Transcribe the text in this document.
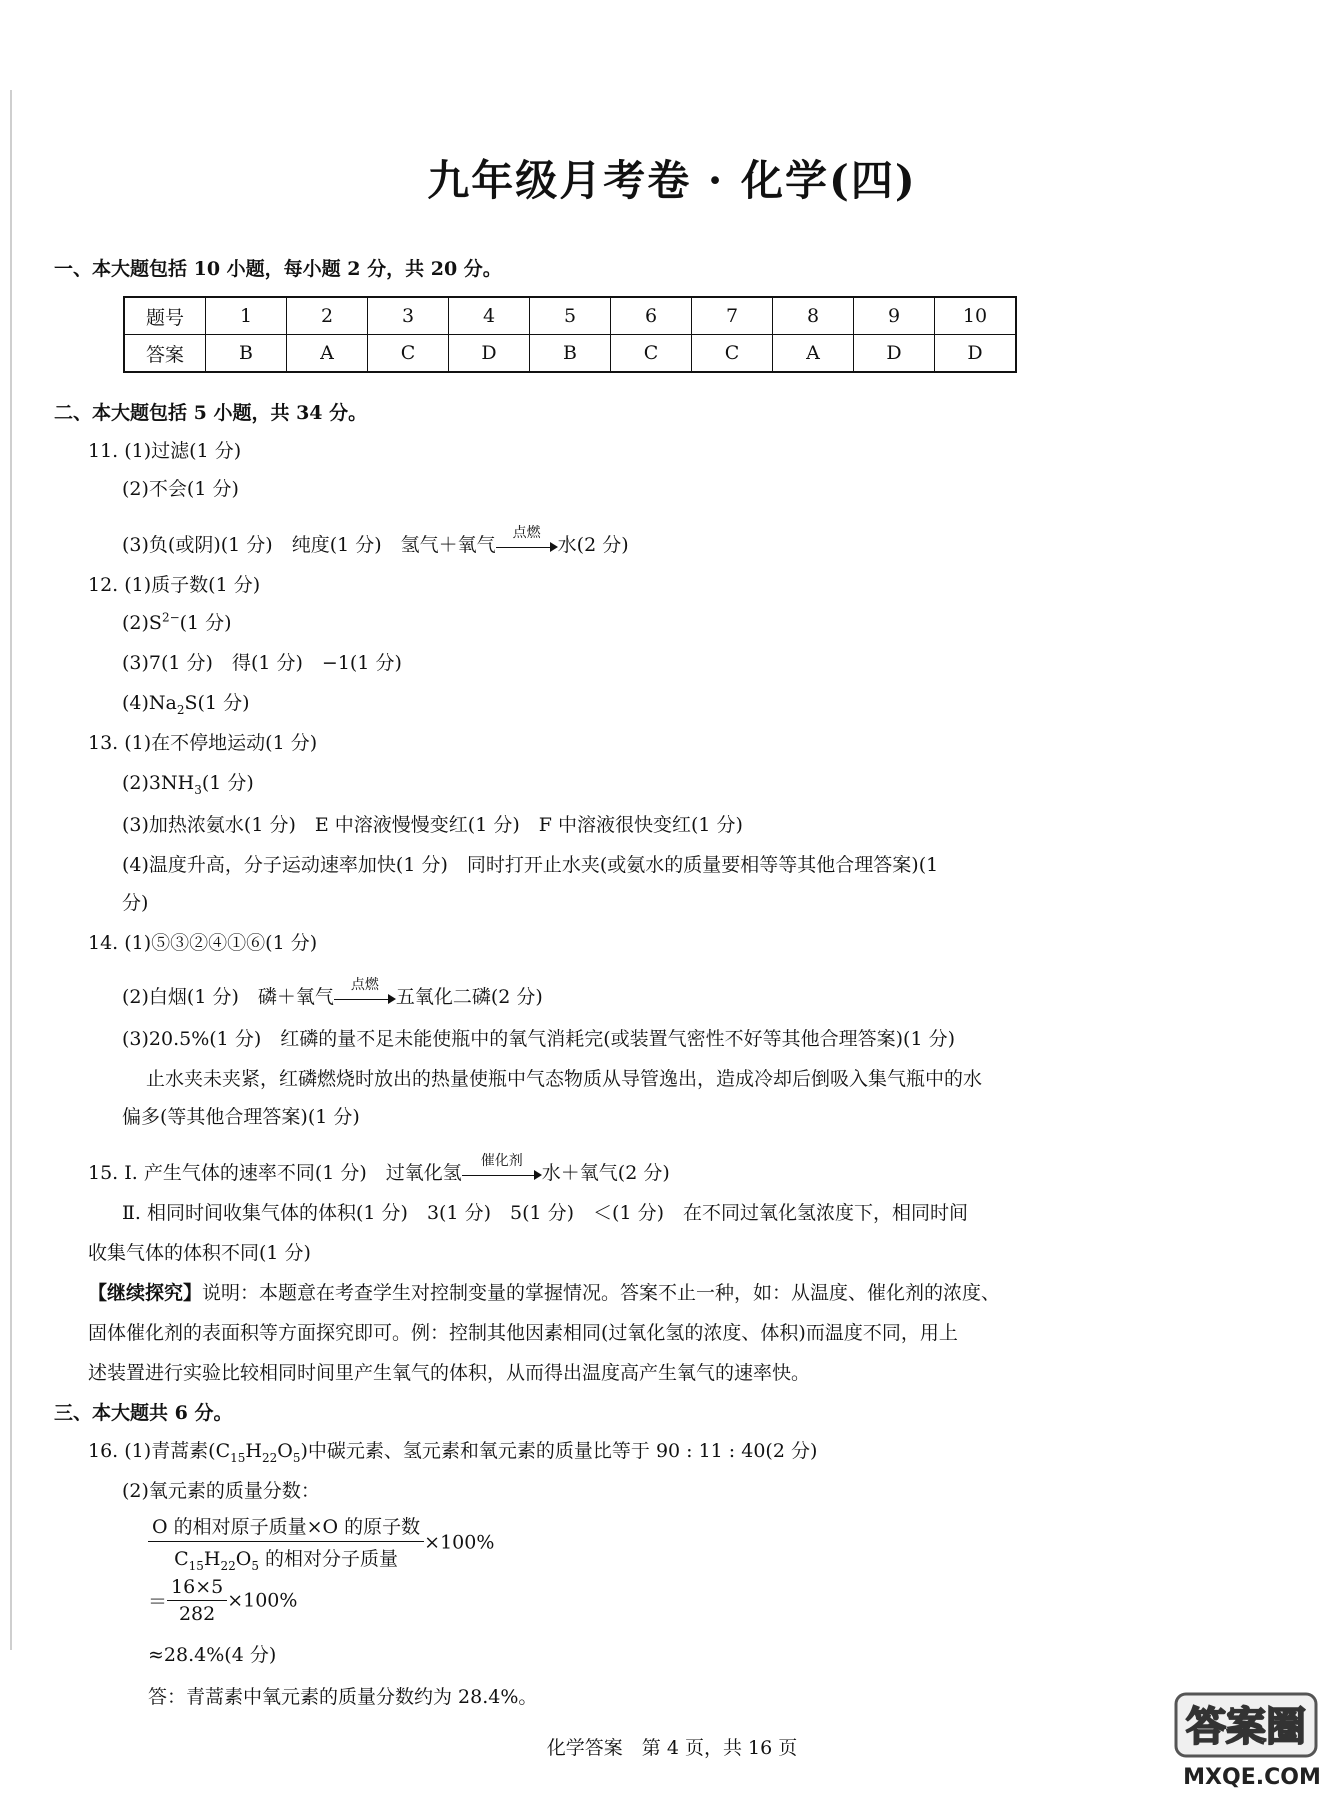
九年级月考卷 · 化学(四)
一、本大题包括 10 小题，每小题 2 分，共 20 分。
题号	1	2	3	4	5	6	7	8	9	10
答案	B	A	C	D	B	C	C	A	D	D
二、本大题包括 5 小题，共 34 分。
11. (1)过滤(1 分)
(2)不会(1 分)
(3)负(或阴)(1 分)　纯度(1 分)　氢气＋氧气
点燃
水(2 分)
12. (1)质子数(1 分)
$(2)S^{2-}(1$ 分)
(3)7(1 分)　得(1 分)　−1(1 分)
$(4)Na_2S(1$ 分)
13. (1)在不停地运动(1 分)
$(2)3NH_3(1$ 分)
(3)加热浓氨水(1 分)　E 中溶液慢慢变红(1 分)　F 中溶液很快变红(1 分)
(4)温度升高，分子运动速率加快(1 分)　同时打开止水夹(或氨水的质量要相等等其他合理答案)(1
分)
14. (1)⑤③②④①⑥(1 分)
(2)白烟(1 分)　磷＋氧气
点燃
五氧化二磷(2 分)
(3)20.5%(1 分)　红磷的量不足未能使瓶中的氧气消耗完(或装置气密性不好等其他合理答案)(1 分)
止水夹未夹紧，红磷燃烧时放出的热量使瓶中气态物质从导管逸出，造成冷却后倒吸入集气瓶中的水
偏多(等其他合理答案)(1 分)
15. Ⅰ. 产生气体的速率不同(1 分)　过氧化氢
催化剂
水＋氧气(2 分)
Ⅱ. 相同时间收集气体的体积(1 分)　3(1 分)　5(1 分)　＜(1 分)　在不同过氧化氢浓度下，相同时间
收集气体的体积不同(1 分)
【继续探究】说明：本题意在考查学生对控制变量的掌握情况。答案不止一种，如：从温度、催化剂的浓度、
固体催化剂的表面积等方面探究即可。例：控制其他因素相同(过氧化氢的浓度、体积)而温度不同，用上
述装置进行实验比较相同时间里产生氧气的体积，从而得出温度高产生氧气的速率快。
三、本大题共 6 分。
16. (1)青蒿素$(C_{15}H_{22}O_5)$中碳元素、氢元素和氧元素的质量比等于 90 : 11 : 40(2 分)
(2)氧元素的质量分数：
$\frac{\text{O 的相对原子质量×O 的原子数}}{C_{15}H_{22}O_5 的相对分子质量} \times 100\%$
＝ $\frac{16\times 5}{282} \times 100\%$
≈28.4%(4 分)
答：青蒿素中氧元素的质量分数约为 28.4%。
化学答案　第 4 页，共 16 页	答案圈
MXQE.COM
